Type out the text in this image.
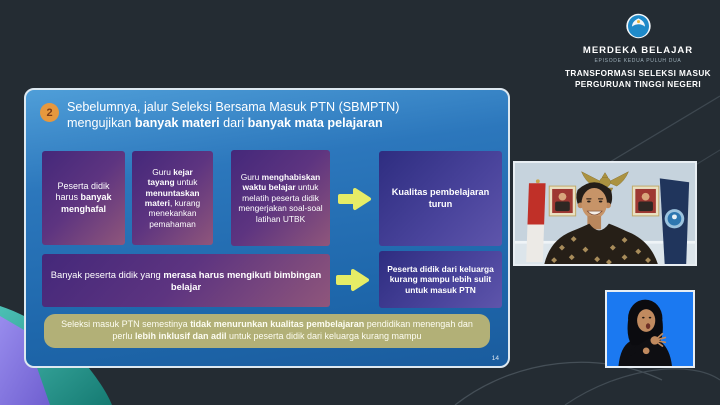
MERDEKA BELAJAR
EPISODE KEDUA PULUH DUA
TRANSFORMASI SELEKSI MASUK
PERGURUAN TINGGI NEGERI
2	Sebelumnya, jalur Seleksi Bersama Masuk PTN (SBMPTN)
mengujikan banyak materi dari banyak mata pelajaran
Peserta didik harus banyak menghafal
Guru kejar tayang untuk menuntaskan materi, kurang menekankan pemahaman
Guru menghabiskan waktu belajar untuk melatih peserta didik mengerjakan soal-soal latihan UTBK
Kualitas pembelajaran turun
Banyak peserta didik yang merasa harus mengikuti bimbingan belajar
Peserta didik dari keluarga kurang mampu lebih sulit untuk masuk PTN
Seleksi masuk PTN semestinya tidak menurunkan kualitas pembelajaran pendidikan menengah dan perlu lebih inklusif dan adil untuk peserta didik dari keluarga kurang mampu
14
